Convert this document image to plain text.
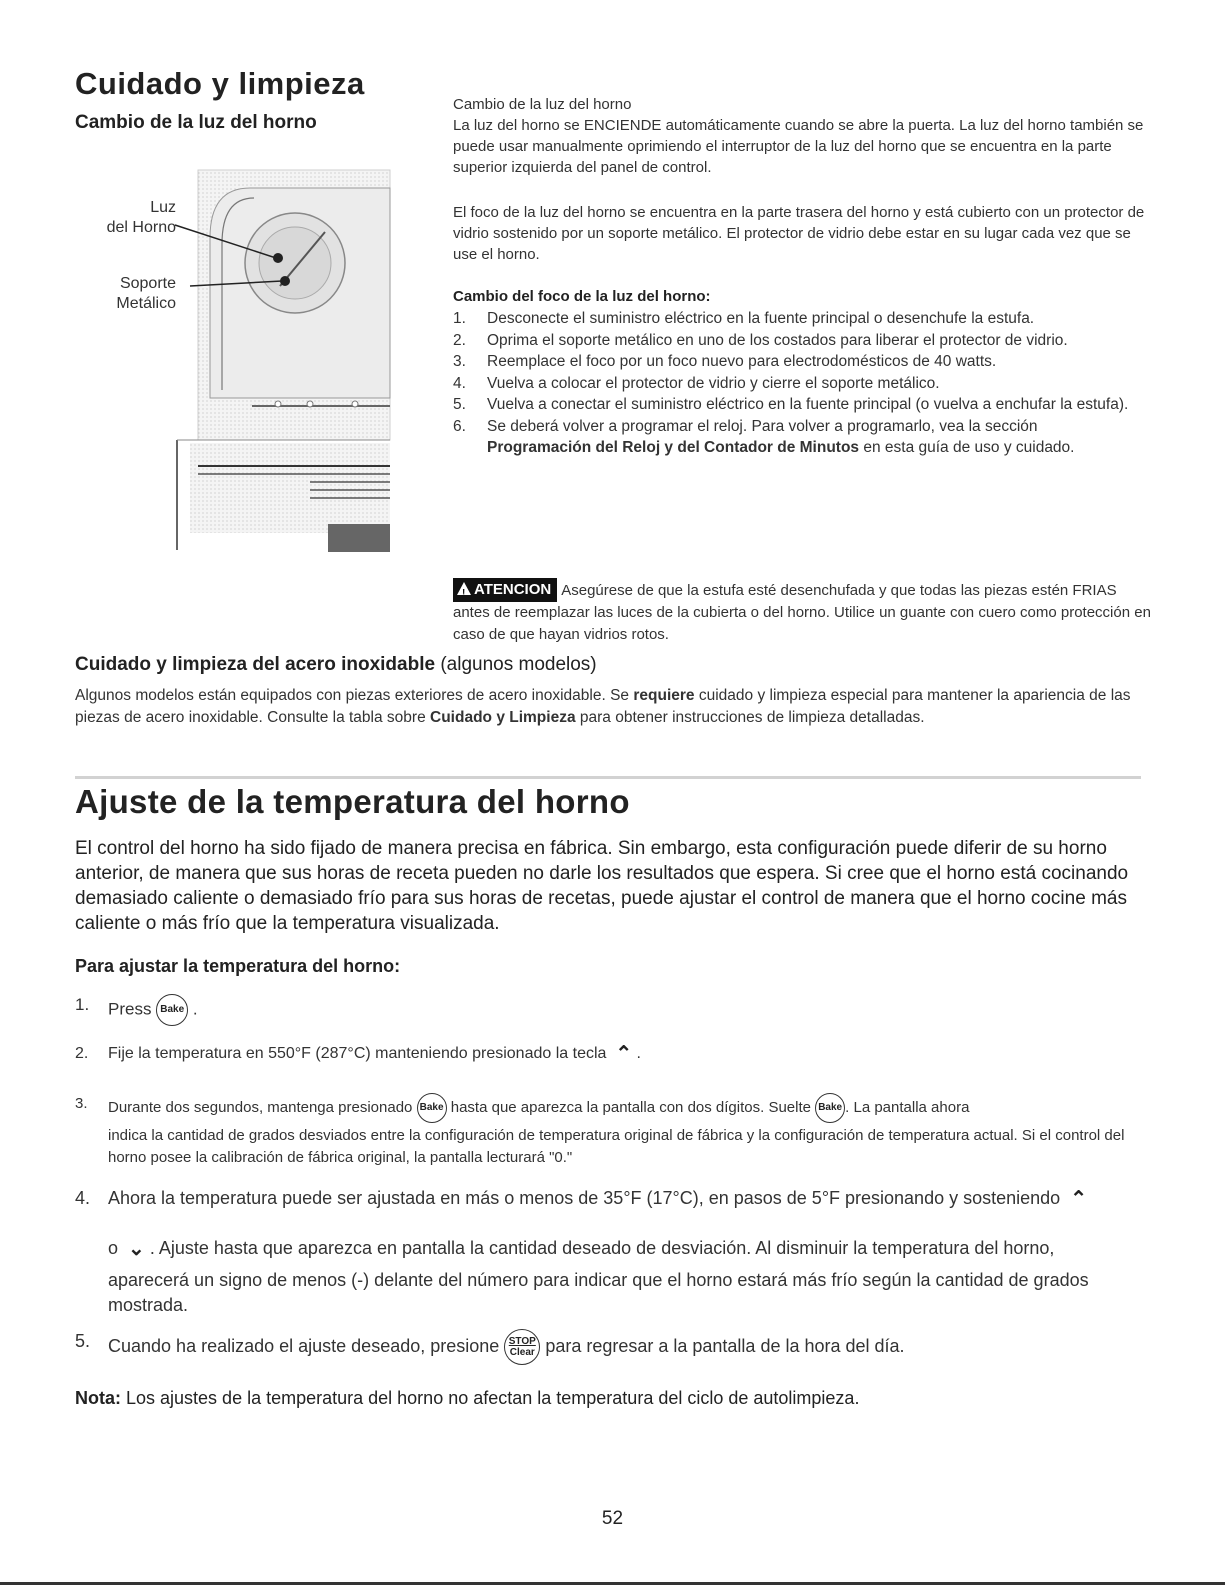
Cuidado y limpieza
Cambio de la luz del horno
Luz
del Horno
Soporte
Metálico
Cambio de la luz del horno
La luz del horno se ENCIENDE automáticamente cuando se abre la puerta. La luz del horno también se puede usar manualmente oprimiendo el interruptor de la luz del horno que se encuentra en la parte superior izquierda del panel de control.

El foco de la luz del horno se encuentra en la parte trasera del horno y está cubierto con un protector de vidrio sostenido por un soporte metálico. El protector de vidrio debe estar en su lugar cada vez que se use el horno.

Cambio del foco de la luz del horno:

1. Desconecte el suministro eléctrico en la fuente principal o desenchufe la estufa.
2. Oprima el soporte metálico en uno de los costados para liberar el protector de vidrio.
3. Reemplace el foco por un foco nuevo para electrodomésticos de 40 watts.
4. Vuelva a colocar el protector de vidrio y cierre el soporte metálico.
5. Vuelva a conectar el suministro eléctrico en la fuente principal (o vuelva a enchufar la estufa).
6. Se deberá volver a programar el reloj. Para volver a programarlo, vea la sección Programación del Reloj y del Contador de Minutos en esta guía de uso y cuidado.
!ATENCION Asegúrese de que la estufa esté desenchufada y que todas las piezas estén FRIAS antes de reemplazar las luces de la cubierta o del horno. Utilice un guante con cuero como protección en caso de que hayan vidrios rotos.

Cuidado y limpieza del acero inoxidable (algunos modelos)

Algunos modelos están equipados con piezas exteriores de acero inoxidable. Se requiere cuidado y limpieza especial para mantener la apariencia de las piezas de acero inoxidable. Consulte la tabla sobre Cuidado y Limpieza para obtener instrucciones de limpieza detalladas.

Ajuste de la temperatura del horno

El control del horno ha sido fijado de manera precisa en fábrica. Sin embargo, esta configuración puede diferir de su horno anterior, de manera que sus horas de receta pueden no darle los resultados que espera. Si cree que el horno está cocinando demasiado caliente o demasiado frío para sus horas de recetas, puede ajustar el control de manera que el horno cocine más caliente o más frío que la temperatura visualizada.

Para ajustar la temperatura del horno:

1. Press Bake .
2. Fije la temperatura en 550°F (287°C) manteniendo presionado la tecla ⌃ .
3. Durante dos segundos, mantenga presionado Bake hasta que aparezca la pantalla con dos dígitos. Suelte Bake . La pantalla ahora
indica la cantidad de grados desviados entre la configuración de temperatura original de fábrica y la configuración de temperatura actual. Si el control del horno posee la calibración de fábrica original, la pantalla lecturará "0."
4. Ahora la temperatura puede ser ajustada en más o menos de 35°F (17°C), en pasos de 5°F presionando y sosteniendo ⌃
o ⌄ . Ajuste hasta que aparezca en pantalla la cantidad deseado de desviación. Al disminuir la temperatura del horno,
aparecerá un signo de menos (-) delante del número para indicar que el horno estará más frío según la cantidad de grados mostrada.
5. Cuando ha realizado el ajuste deseado, presione STOP
Clear para regresar a la pantalla de la hora del día.

Nota: Los ajustes de la temperatura del horno no afectan la temperatura del ciclo de autolimpieza.

52
